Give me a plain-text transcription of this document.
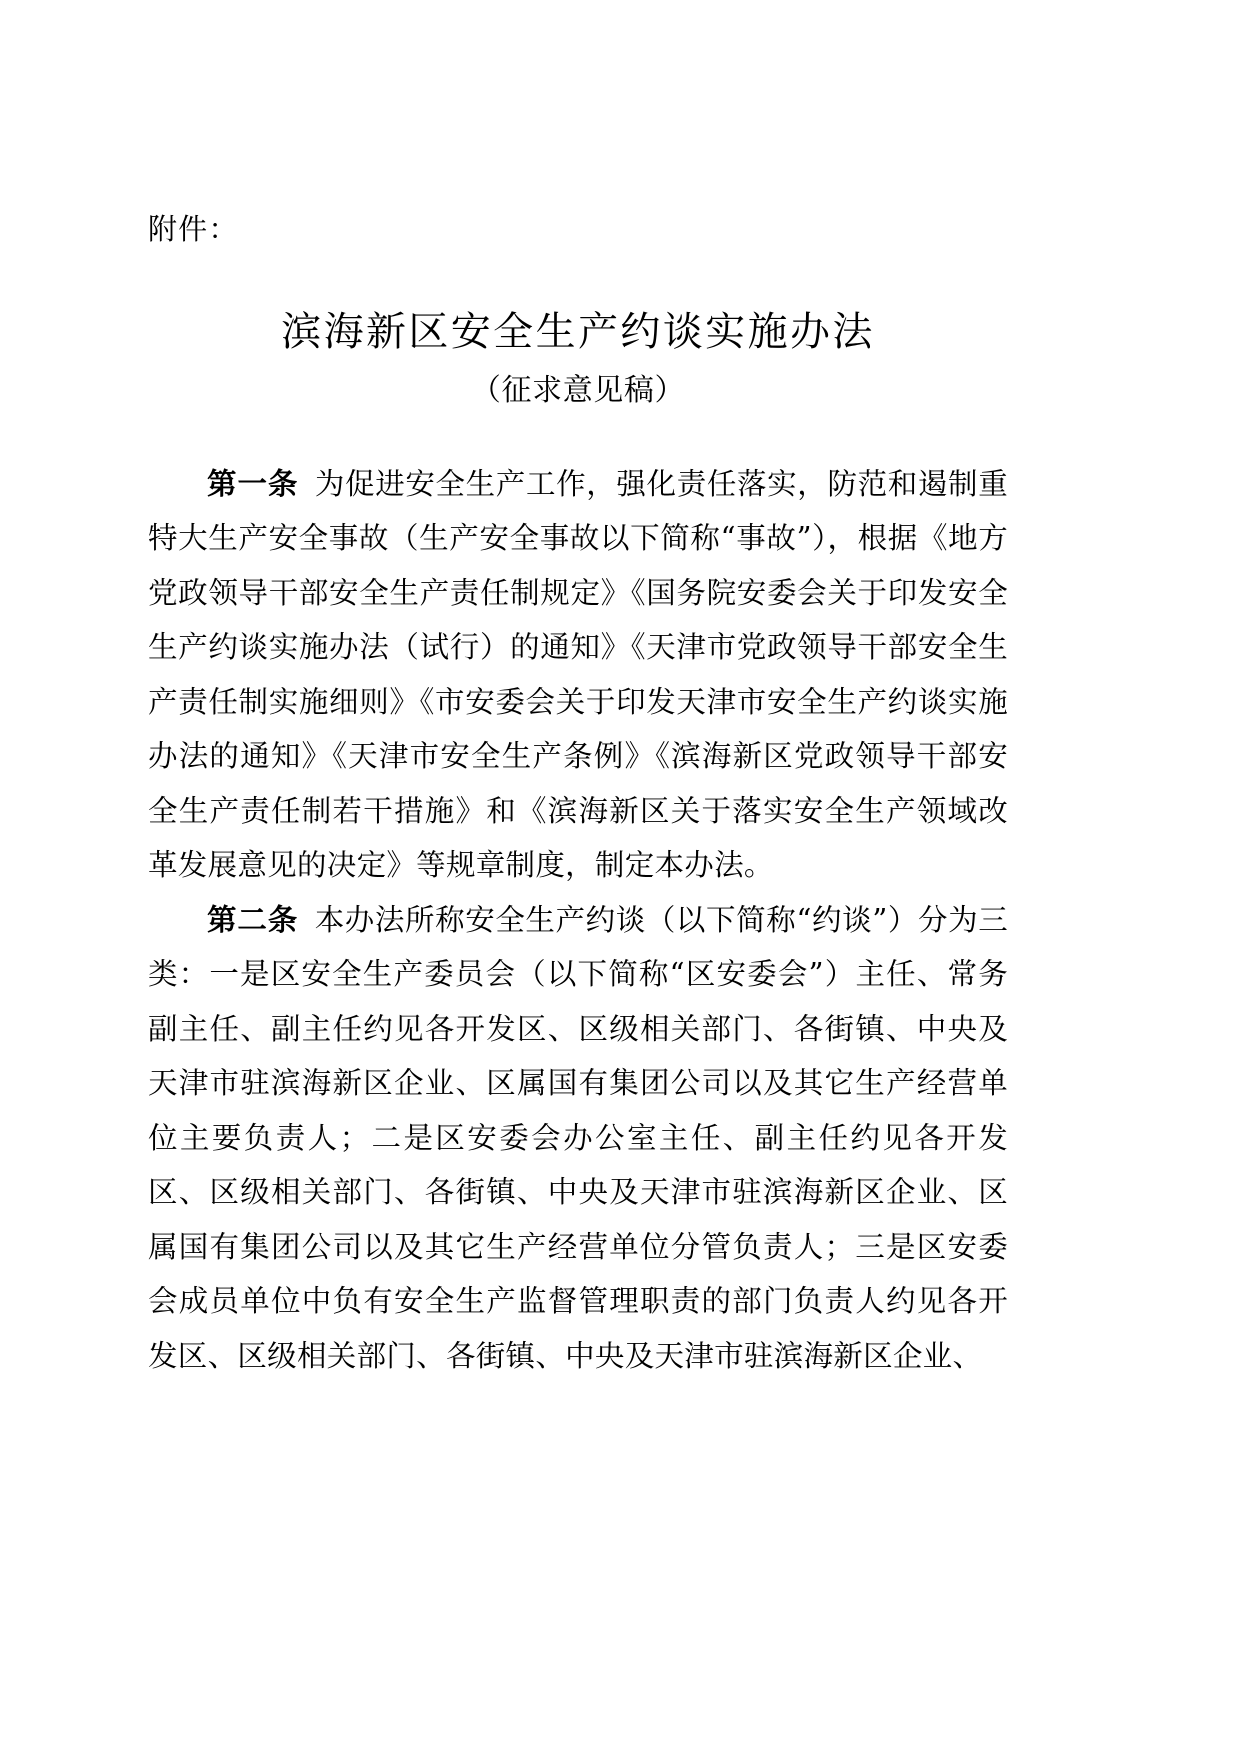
附件：
滨海新区安全生产约谈实施办法
（征求意见稿）

第一条 为促进安全生产工作，强化责任落实，防范和遏制重特大生产安全事故（生产安全事故以下简称“事故”），根据《地方党政领导干部安全生产责任制规定》《国务院安委会关于印发安全生产约谈实施办法（试行）的通知》《天津市党政领导干部安全生产责任制实施细则》《市安委会关于印发天津市安全生产约谈实施办法的通知》《天津市安全生产条例》《滨海新区党政领导干部安全生产责任制若干措施》和《滨海新区关于落实安全生产领域改革发展意见的决定》等规章制度，制定本办法。

第二条 本办法所称安全生产约谈（以下简称“约谈”）分为三类：一是区安全生产委员会（以下简称“区安委会”）主任、常务副主任、副主任约见各开发区、区级相关部门、各街镇、中央及天津市驻滨海新区企业、区属国有集团公司以及其它生产经营单位主要负责人；二是区安委会办公室主任、副主任约见各开发区、区级相关部门、各街镇、中央及天津市驻滨海新区企业、区属国有集团公司以及其它生产经营单位分管负责人；三是区安委会成员单位中负有安全生产监督管理职责的部门负责人约见各开发区、区级相关部门、各街镇、中央及天津市驻滨海新区企业、
